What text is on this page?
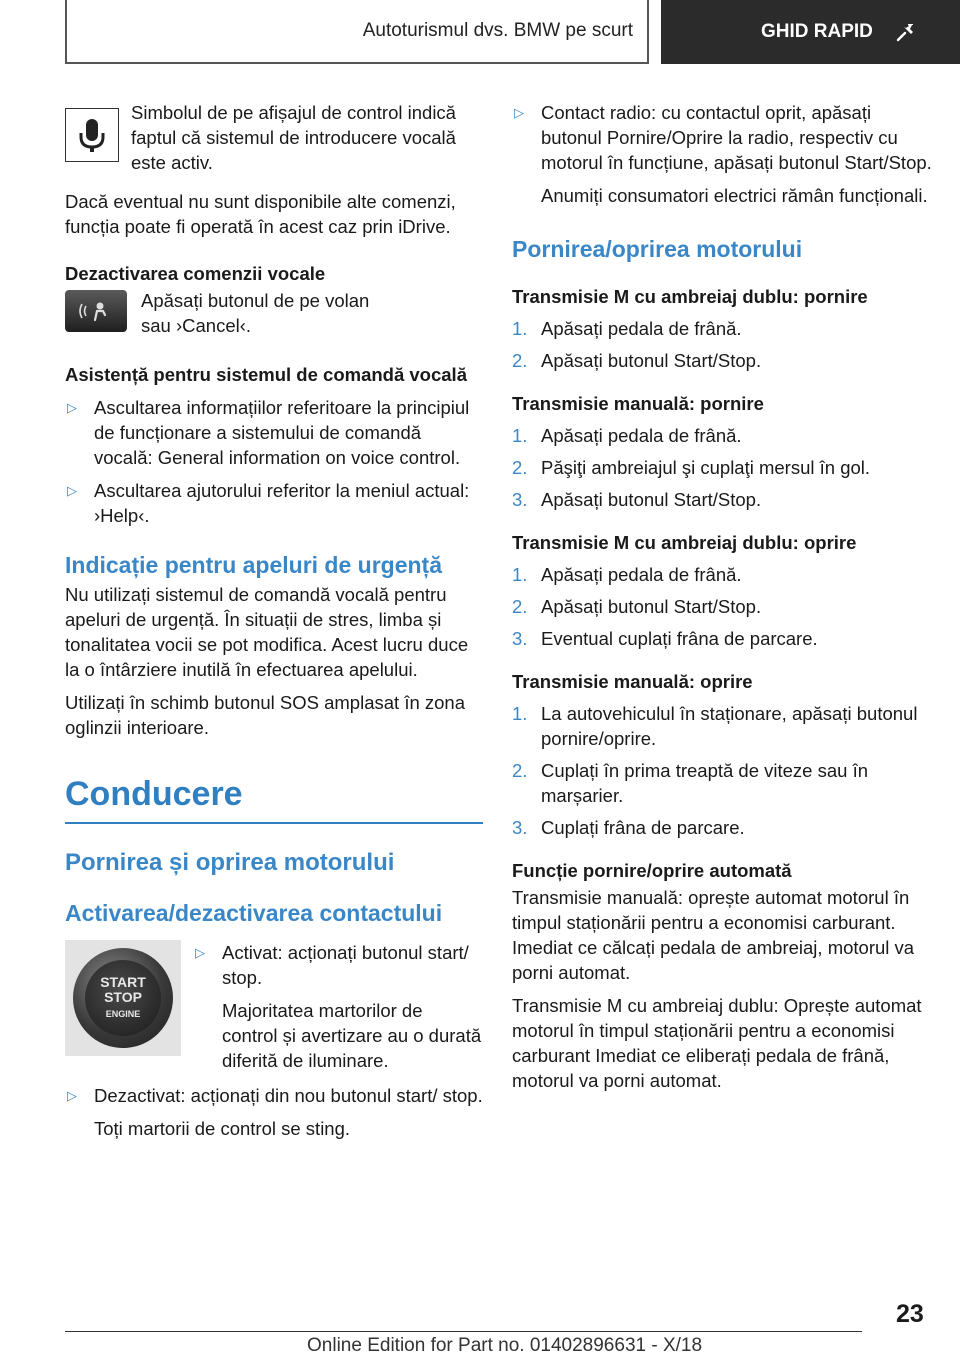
Autoturismul dvs. BMW pe scurt	GHID RAPID

Simbolul de pe afișajul de control indică faptul că sistemul de introducere vocală este activ.

Dacă eventual nu sunt disponibile alte comenzi, funcția poate fi operată în acest caz prin iDrive.

Dezactivarea comenzii vocale

Apăsați butonul de pe volan sau ›Cancel‹.

Asistență pentru sistemul de comandă vocală

▷ Ascultarea informațiilor referitoare la principiul de funcționare a sistemului de comandă vocală: General information on voice control.

▷ Ascultarea ajutorului referitor la meniul actual: ›Help‹.

Indicație pentru apeluri de urgență

Nu utilizați sistemul de comandă vocală pentru apeluri de urgență. În situații de stres, limba și tonalitatea vocii se pot modifica. Acest lucru duce la o întârziere inutilă în efectuarea apelului.

Utilizați în schimb butonul SOS amplasat în zona oglinzii interioare.

Conducere

Pornirea și oprirea motorului

Activarea/dezactivarea contactului

START
STOP
ENGINE
▷ Activat: acționați butonul start/ stop.

Majoritatea martorilor de control și avertizare au o durată diferită de iluminare.

▷ Dezactivat: acționați din nou butonul start/ stop.

Toți martorii de control se sting.

▷ Contact radio: cu contactul oprit, apăsați butonul Pornire/Oprire la radio, respectiv cu motorul în funcțiune, apăsați butonul Start/Stop.

Anumiți consumatori electrici rămân funcționali.

Pornirea/oprirea motorului

Transmisie M cu ambreiaj dublu: pornire

1. Apăsați pedala de frână.

2. Apăsați butonul Start/Stop.

Transmisie manuală: pornire

1. Apăsați pedala de frână.

2. Păşiţi ambreiajul şi cuplaţi mersul în gol.

3. Apăsați butonul Start/Stop.

Transmisie M cu ambreiaj dublu: oprire

1. Apăsați pedala de frână.

2. Apăsați butonul Start/Stop.

3. Eventual cuplați frâna de parcare.

Transmisie manuală: oprire

1. La autovehiculul în staționare, apăsați butonul pornire/oprire.

2. Cuplați în prima treaptă de viteze sau în marșarier.

3. Cuplați frâna de parcare.

Funcție pornire/oprire automată

Transmisie manuală: oprește automat motorul în timpul staționării pentru a economisi carburant. Imediat ce călcați pedala de ambreiaj, motorul va porni automat.

Transmisie M cu ambreiaj dublu: Oprește automat motorul în timpul staționării pentru a economisi carburant Imediat ce eliberați pedala de frână, motorul va porni automat.

23
Online Edition for Part no. 01402896631 - X/18
